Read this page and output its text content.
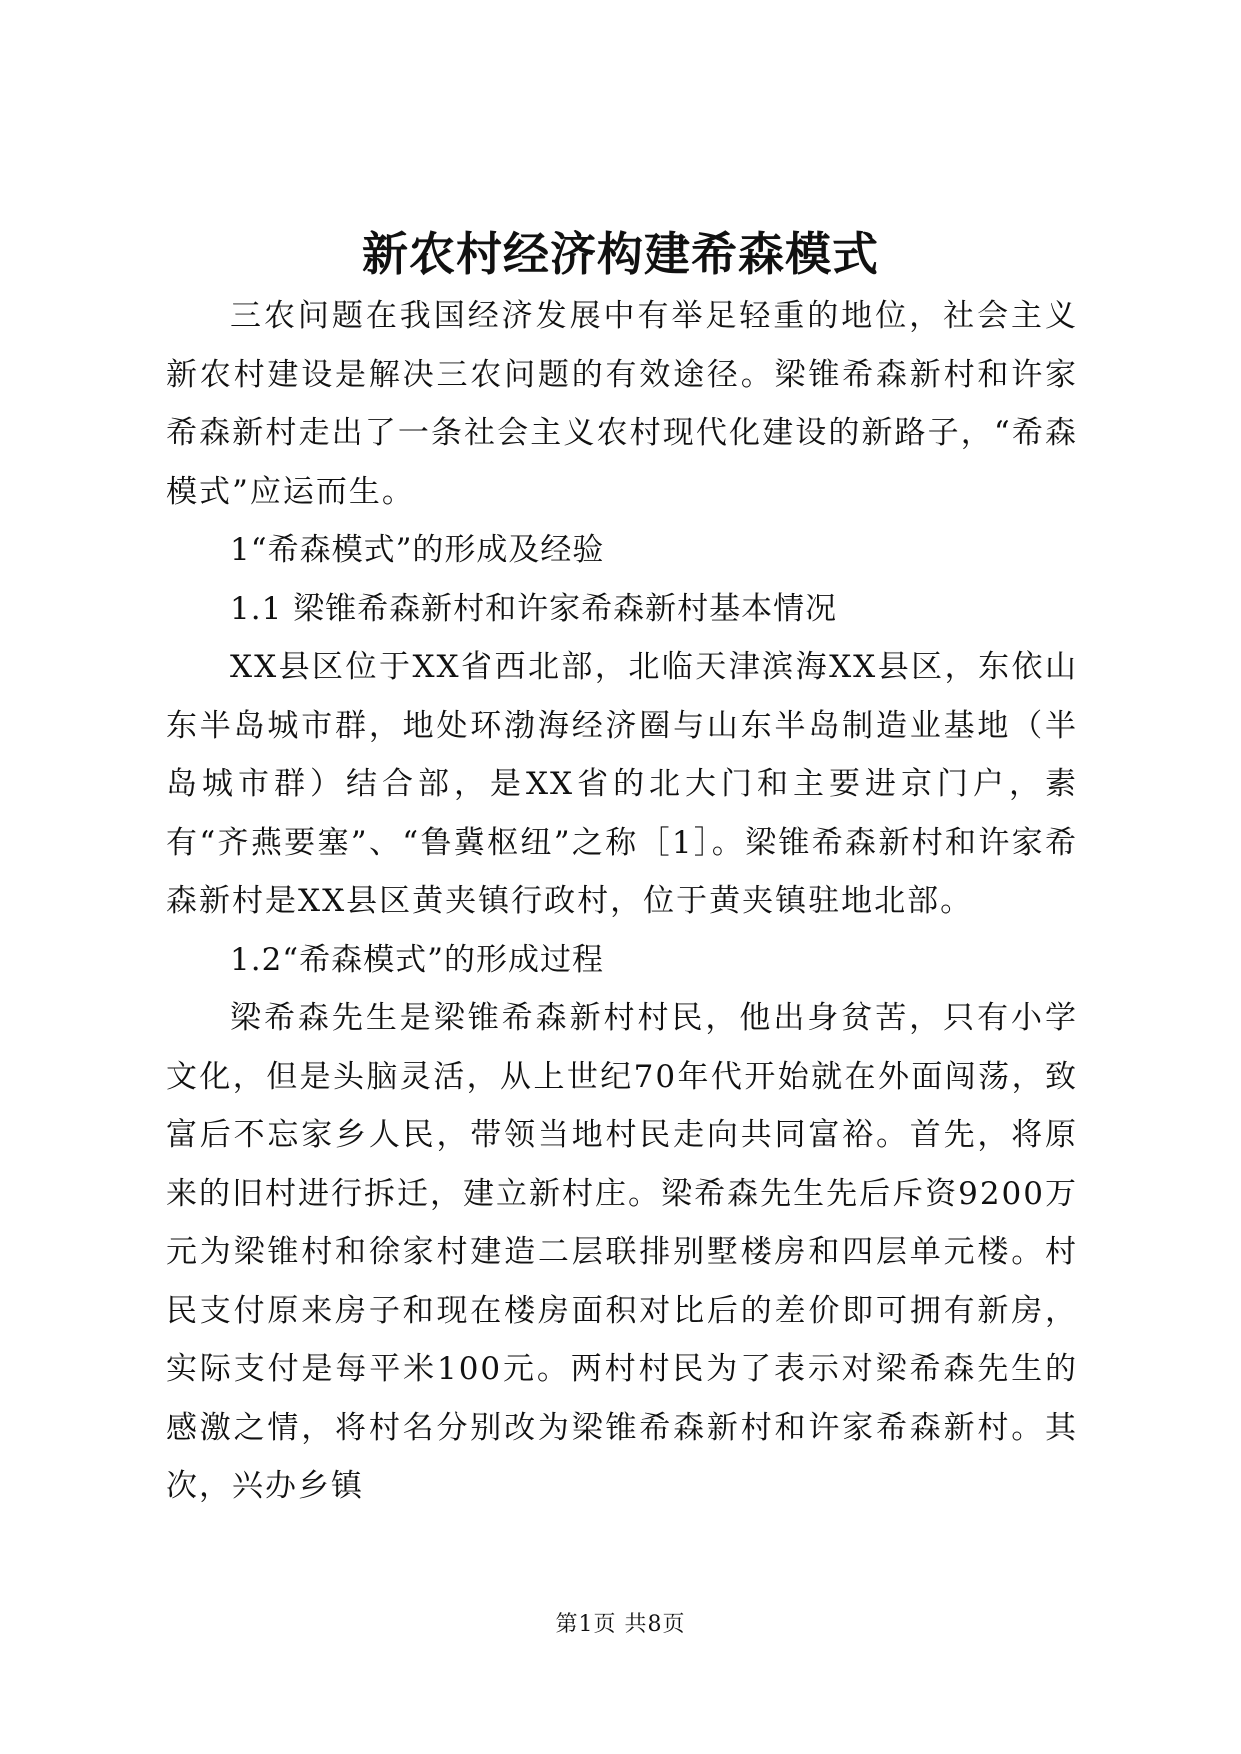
新农村经济构建希森模式

三农问题在我国经济发展中有举足轻重的地位，社会主义新农村建设是解决三农问题的有效途径。梁锥希森新村和许家希森新村走出了一条社会主义农村现代化建设的新路子，“希森模式”应运而生。

1“希森模式”的形成及经验

1.1 梁锥希森新村和许家希森新村基本情况

XX县区位于XX省西北部，北临天津滨海XX县区，东依山东半岛城市群，地处环渤海经济圈与山东半岛制造业基地（半岛城市群）结合部，是XX省的北大门和主要进京门户，素有“齐燕要塞”、“鲁冀枢纽”之称［1］。梁锥希森新村和许家希森新村是XX县区黄夹镇行政村，位于黄夹镇驻地北部。

1.2“希森模式”的形成过程

梁希森先生是梁锥希森新村村民，他出身贫苦，只有小学文化，但是头脑灵活，从上世纪70年代开始就在外面闯荡，致富后不忘家乡人民，带领当地村民走向共同富裕。首先，将原来的旧村进行拆迁，建立新村庄。梁希森先生先后斥资9200万元为梁锥村和徐家村建造二层联排别墅楼房和四层单元楼。村民支付原来房子和现在楼房面积对比后的差价即可拥有新房，实际支付是每平米100元。两村村民为了表示对梁希森先生的感激之情，将村名分别改为梁锥希森新村和许家希森新村。其次，兴办乡镇

第1页 共8页
